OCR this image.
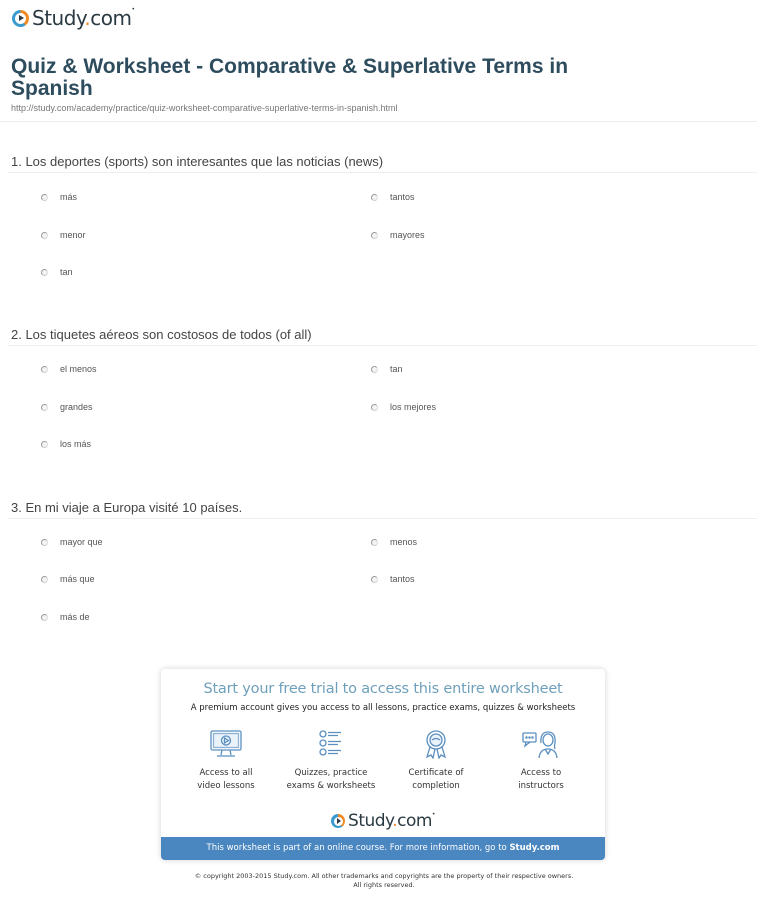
Study.com•
Quiz & Worksheet - Comparative & Superlative Terms in Spanish
http://study.com/academy/practice/quiz-worksheet-comparative-superlative-terms-in-spanish.html
1. Los deportes (sports) son interesantes que las noticias (news)
más	tantos
menor	mayores
tan
2. Los tiquetes aéreos son costosos de todos (of all)
el menos	tan
grandes	los mejores
los más
3. En mi viaje a Europa visité 10 países.
mayor que	menos
más que	tantos
más de
Start your free trial to access this entire worksheet
A premium account gives you access to all lessons, practice exams, quizzes & worksheets
Access to all
video lessons
Quizzes, practice
exams & worksheets
Certificate of
completion
Access to
instructors
Study.com•
This worksheet is part of an online course. For more information, go to Study.com
© copyright 2003-2015 Study.com. All other trademarks and copyrights are the property of their respective owners.
All rights reserved.
